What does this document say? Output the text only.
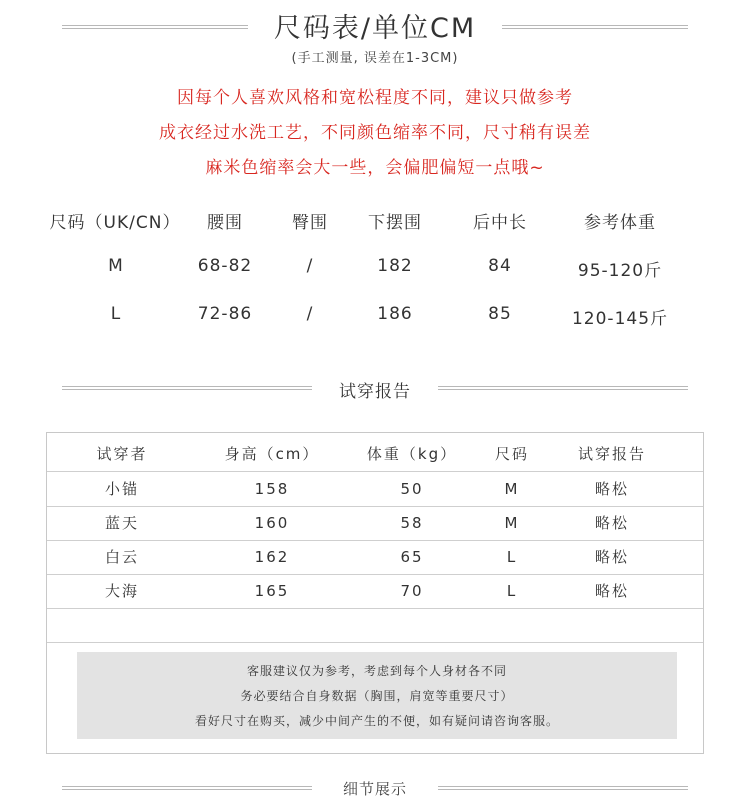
尺码表/单位CM
(手工测量, 误差在1-3CM)
因每个人喜欢风格和宽松程度不同，建议只做参考
成衣经过水洗工艺，不同颜色缩率不同，尺寸稍有误差
麻米色缩率会大一些，会偏肥偏短一点哦~
尺码（UK/CN）	腰围	臀围	下摆围	后中长	参考体重
M	68-82	/	182	84	95-120斤
L	72-86	/	186	85	120-145斤
试穿报告
试穿者	身高（cm）	体重（kg）	尺码	试穿报告
小锚	158	50	M	略松
蓝天	160	58	M	略松
白云	162	65	L	略松
大海	165	70	L	略松
客服建议仅为参考，考虑到每个人身材各不同
务必要结合自身数据（胸围，肩宽等重要尺寸）
看好尺寸在购买，减少中间产生的不便，如有疑问请咨询客服。
细节展示
